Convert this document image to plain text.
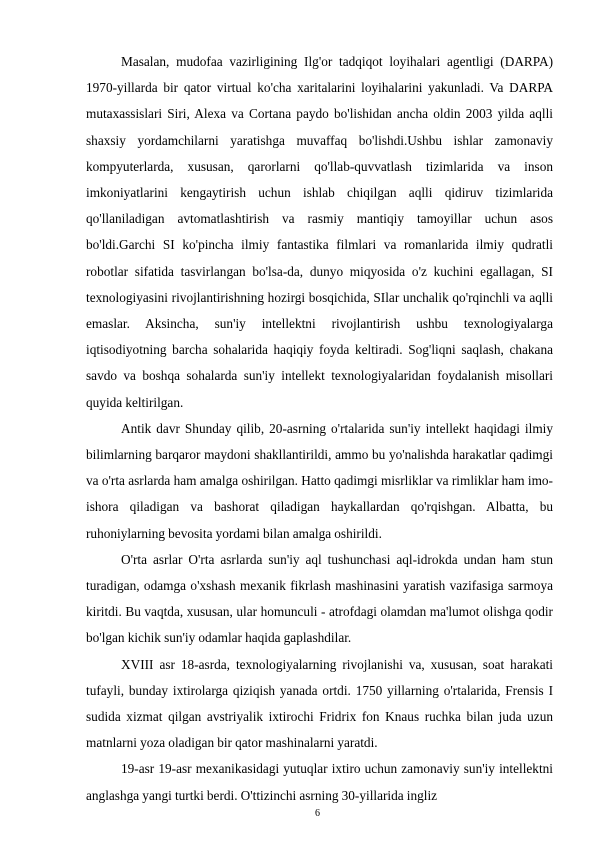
Masalan, mudofaa vazirligining Ilg'or tadqiqot loyihalari agentligi (DARPA) 1970-yillarda bir qator virtual ko'cha xaritalarini loyihalarini yakunladi. Va DARPA mutaxassislari Siri, Alexa va Cortana paydo bo'lishidan ancha oldin 2003 yilda aqlli shaxsiy yordamchilarni yaratishga muvaffaq bo'lishdi.Ushbu ishlar zamonaviy kompyuterlarda, xususan, qarorlarni qo'llab-quvvatlash tizimlarida va inson imkoniyatlarini kengaytirish uchun ishlab chiqilgan aqlli qidiruv tizimlarida qo'llaniladigan avtomatlashtirish va rasmiy mantiqiy tamoyillar uchun asos bo'ldi.Garchi SI ko'pincha ilmiy fantastika filmlari va romanlarida ilmiy qudratli robotlar sifatida tasvirlangan bo'lsa-da, dunyo miqyosida o'z kuchini egallagan, SI texnologiyasini rivojlantirishning hozirgi bosqichida, SIlar unchalik qo'rqinchli va aqlli emaslar. Aksincha, sun'iy intellektni rivojlantirish ushbu texnologiyalarga iqtisodiyotning barcha sohalarida haqiqiy foyda keltiradi. Sog'liqni saqlash, chakana savdo va boshqa sohalarda sun'iy intellekt texnologiyalaridan foydalanish misollari quyida keltirilgan.

Antik davr Shunday qilib, 20-asrning o'rtalarida sun'iy intellekt haqidagi ilmiy bilimlarning barqaror maydoni shakllantirildi, ammo bu yo'nalishda harakatlar qadimgi va o'rta asrlarda ham amalga oshirilgan. Hatto qadimgi misrliklar va rimliklar ham imo-ishora qiladigan va bashorat qiladigan haykallardan qo'rqishgan. Albatta, bu ruhoniylarning bevosita yordami bilan amalga oshirildi.

O'rta asrlar O'rta asrlarda sun'iy aql tushunchasi aql-idrokda undan ham stun turadigan, odamga o'xshash mexanik fikrlash mashinasini yaratish vazifasiga sarmoya kiritdi. Bu vaqtda, xususan, ular homunculi - atrofdagi olamdan ma'lumot olishga qodir bo'lgan kichik sun'iy odamlar haqida gaplashdilar.

XVIII asr 18-asrda, texnologiyalarning rivojlanishi va, xususan, soat harakati tufayli, bunday ixtirolarga qiziqish yanada ortdi. 1750 yillarning o'rtalarida, Frensis I sudida xizmat qilgan avstriyalik ixtirochi Fridrix fon Knaus ruchka bilan juda uzun matnlarni yoza oladigan bir qator mashinalarni yaratdi.

19-asr 19-asr mexanikasidagi yutuqlar ixtiro uchun zamonaviy sun'iy intellektni anglashga yangi turtki berdi. O'ttizinchi asrning 30-yillarida ingliz

6
